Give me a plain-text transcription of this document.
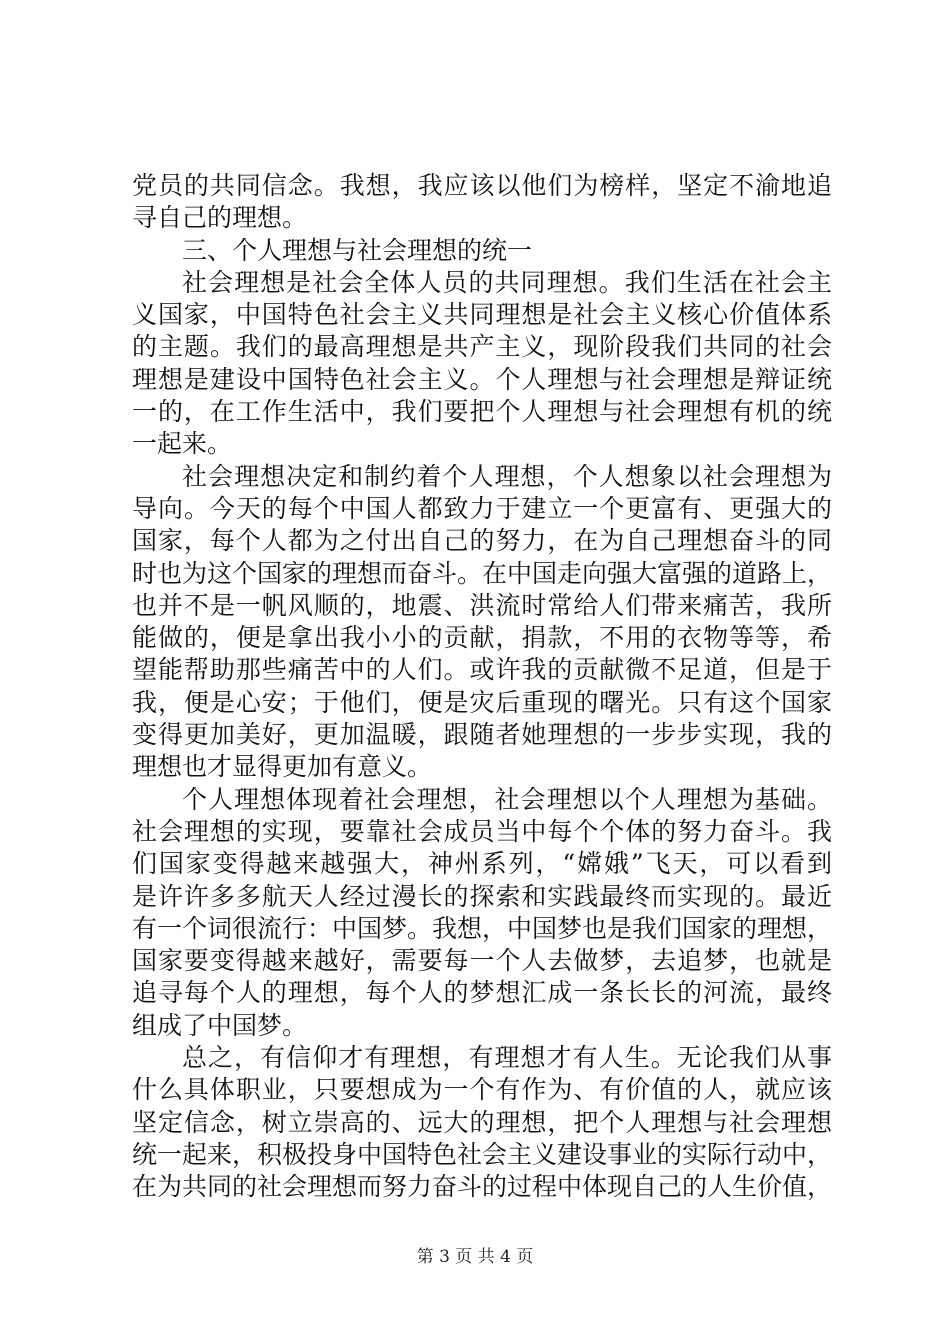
党员的共同信念。我想，我应该以他们为榜样，坚定不渝地追
寻自己的理想。
三、个人理想与社会理想的统一
社会理想是社会全体人员的共同理想。我们生活在社会主
义国家，中国特色社会主义共同理想是社会主义核心价值体系
的主题。我们的最高理想是共产主义，现阶段我们共同的社会
理想是建设中国特色社会主义。个人理想与社会理想是辩证统
一的，在工作生活中，我们要把个人理想与社会理想有机的统
一起来。
社会理想决定和制约着个人理想，个人想象以社会理想为
导向。今天的每个中国人都致力于建立一个更富有、更强大的
国家，每个人都为之付出自己的努力，在为自己理想奋斗的同
时也为这个国家的理想而奋斗。在中国走向强大富强的道路上，
也并不是一帆风顺的，地震、洪流时常给人们带来痛苦，我所
能做的，便是拿出我小小的贡献，捐款，不用的衣物等等，希
望能帮助那些痛苦中的人们。或许我的贡献微不足道，但是于
我，便是心安；于他们，便是灾后重现的曙光。只有这个国家
变得更加美好，更加温暖，跟随者她理想的一步步实现，我的
理想也才显得更加有意义。
个人理想体现着社会理想，社会理想以个人理想为基础。
社会理想的实现，要靠社会成员当中每个个体的努力奋斗。我
们国家变得越来越强大，神州系列，“嫦娥”飞天，可以看到
是许许多多航天人经过漫长的探索和实践最终而实现的。最近
有一个词很流行：中国梦。我想，中国梦也是我们国家的理想，
国家要变得越来越好，需要每一个人去做梦，去追梦，也就是
追寻每个人的理想，每个人的梦想汇成一条长长的河流，最终
组成了中国梦。
总之，有信仰才有理想，有理想才有人生。无论我们从事
什么具体职业，只要想成为一个有作为、有价值的人，就应该
坚定信念，树立崇高的、远大的理想，把个人理想与社会理想
统一起来，积极投身中国特色社会主义建设事业的实际行动中，
在为共同的社会理想而努力奋斗的过程中体现自己的人生价值，
第 3 页 共 4 页
